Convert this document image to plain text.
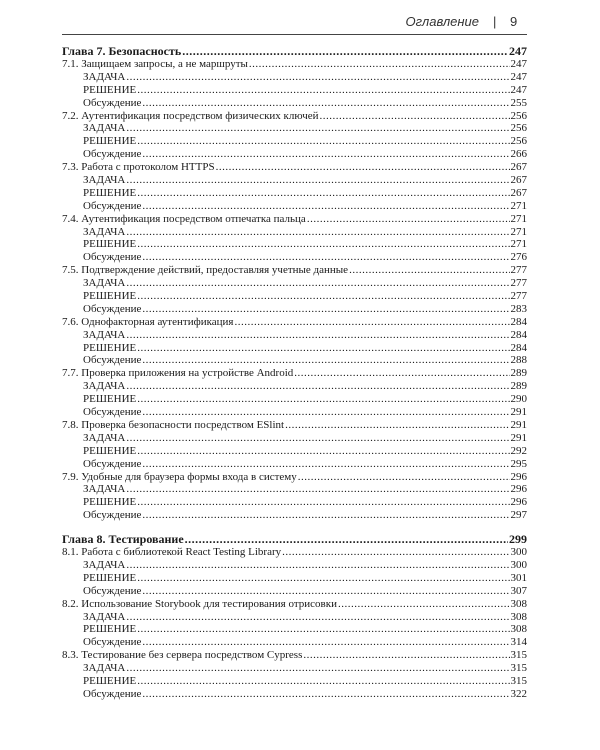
Оглавление | 9
Глава 7. Безопасность .....	247
7.1. Защищаем запросы, а не маршруты .....	247
ЗАДАЧА .....	247
РЕШЕНИЕ .....	247
Обсуждение .....	255
7.2. Аутентификация посредством физических ключей .....	256
ЗАДАЧА .....	256
РЕШЕНИЕ .....	256
Обсуждение .....	266
7.3. Работа с протоколом HTTPS .....	267
ЗАДАЧА .....	267
РЕШЕНИЕ .....	267
Обсуждение .....	271
7.4. Аутентификация посредством отпечатка пальца .....	271
ЗАДАЧА .....	271
РЕШЕНИЕ .....	271
Обсуждение .....	276
7.5. Подтверждение действий, предоставляя учетные данные .....	277
ЗАДАЧА .....	277
РЕШЕНИЕ .....	277
Обсуждение .....	283
7.6. Однофакторная аутентификация .....	284
ЗАДАЧА .....	284
РЕШЕНИЕ .....	284
Обсуждение .....	288
7.7. Проверка приложения на устройстве Android .....	289
ЗАДАЧА .....	289
РЕШЕНИЕ .....	290
Обсуждение .....	291
7.8. Проверка безопасности посредством ESlint .....	291
ЗАДАЧА .....	291
РЕШЕНИЕ .....	292
Обсуждение .....	295
7.9. Удобные для браузера формы входа в систему .....	296
ЗАДАЧА .....	296
РЕШЕНИЕ .....	296
Обсуждение .....	297
Глава 8. Тестирование .....	299
8.1. Работа с библиотекой React Testing Library .....	300
ЗАДАЧА .....	300
РЕШЕНИЕ .....	301
Обсуждение .....	307
8.2. Использование Storybook для тестирования отрисовки .....	308
ЗАДАЧА .....	308
РЕШЕНИЕ .....	308
Обсуждение .....	314
8.3. Тестирование без сервера посредством Cypress .....	315
ЗАДАЧА .....	315
РЕШЕНИЕ .....	315
Обсуждение .....	322
